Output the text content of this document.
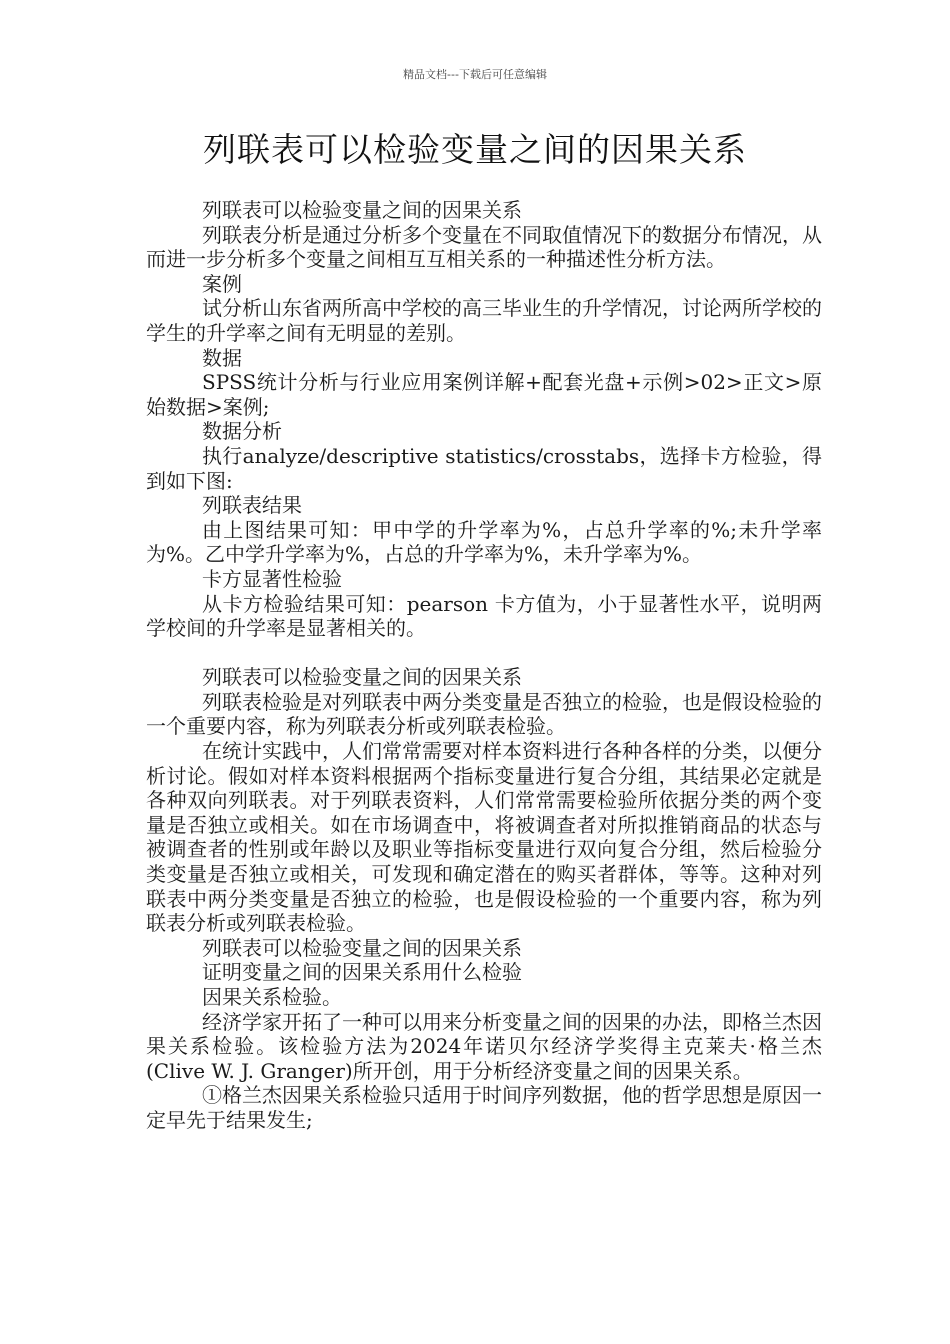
精品文档---下载后可任意编辑
列联表可以检验变量之间的因果关系

列联表可以检验变量之间的因果关系

列联表分析是通过分析多个变量在不同取值情况下的数据分布情况，从而进一步分析多个变量之间相互互相关系的一种描述性分析方法。

案例

试分析山东省两所高中学校的高三毕业生的升学情况，讨论两所学校的学生的升学率之间有无明显的差别。

数据

SPSS统计分析与行业应用案例详解+配套光盘+示例>02>正文>原始数据>案例;

数据分析

执行analyze/descriptive statistics/crosstabs，选择卡方检验，得到如下图:

列联表结果

由上图结果可知：甲中学的升学率为%，占总升学率的%;未升学率为%。乙中学升学率为%，占总的升学率为%，未升学率为%。

卡方显著性检验

从卡方检验结果可知：pearson 卡方值为，小于显著性水平，说明两学校间的升学率是显著相关的。

列联表可以检验变量之间的因果关系

列联表检验是对列联表中两分类变量是否独立的检验，也是假设检验的一个重要内容，称为列联表分析或列联表检验。

在统计实践中，人们常常需要对样本资料进行各种各样的分类，以便分析讨论。假如对样本资料根据两个指标变量进行复合分组，其结果必定就是各种双向列联表。对于列联表资料，人们常常需要检验所依据分类的两个变量是否独立或相关。如在市场调查中，将被调查者对所拟推销商品的状态与被调查者的性别或年龄以及职业等指标变量进行双向复合分组，然后检验分类变量是否独立或相关，可发现和确定潜在的购买者群体，等等。这种对列联表中两分类变量是否独立的检验，也是假设检验的一个重要内容，称为列联表分析或列联表检验。

列联表可以检验变量之间的因果关系

证明变量之间的因果关系用什么检验

因果关系检验。

经济学家开拓了一种可以用来分析变量之间的因果的办法，即格兰杰因果关系检验。该检验方法为2024年诺贝尔经济学奖得主克莱夫·格兰杰(Clive W. J. Granger)所开创，用于分析经济变量之间的因果关系。

①格兰杰因果关系检验只适用于时间序列数据，他的哲学思想是原因一定早先于结果发生;
